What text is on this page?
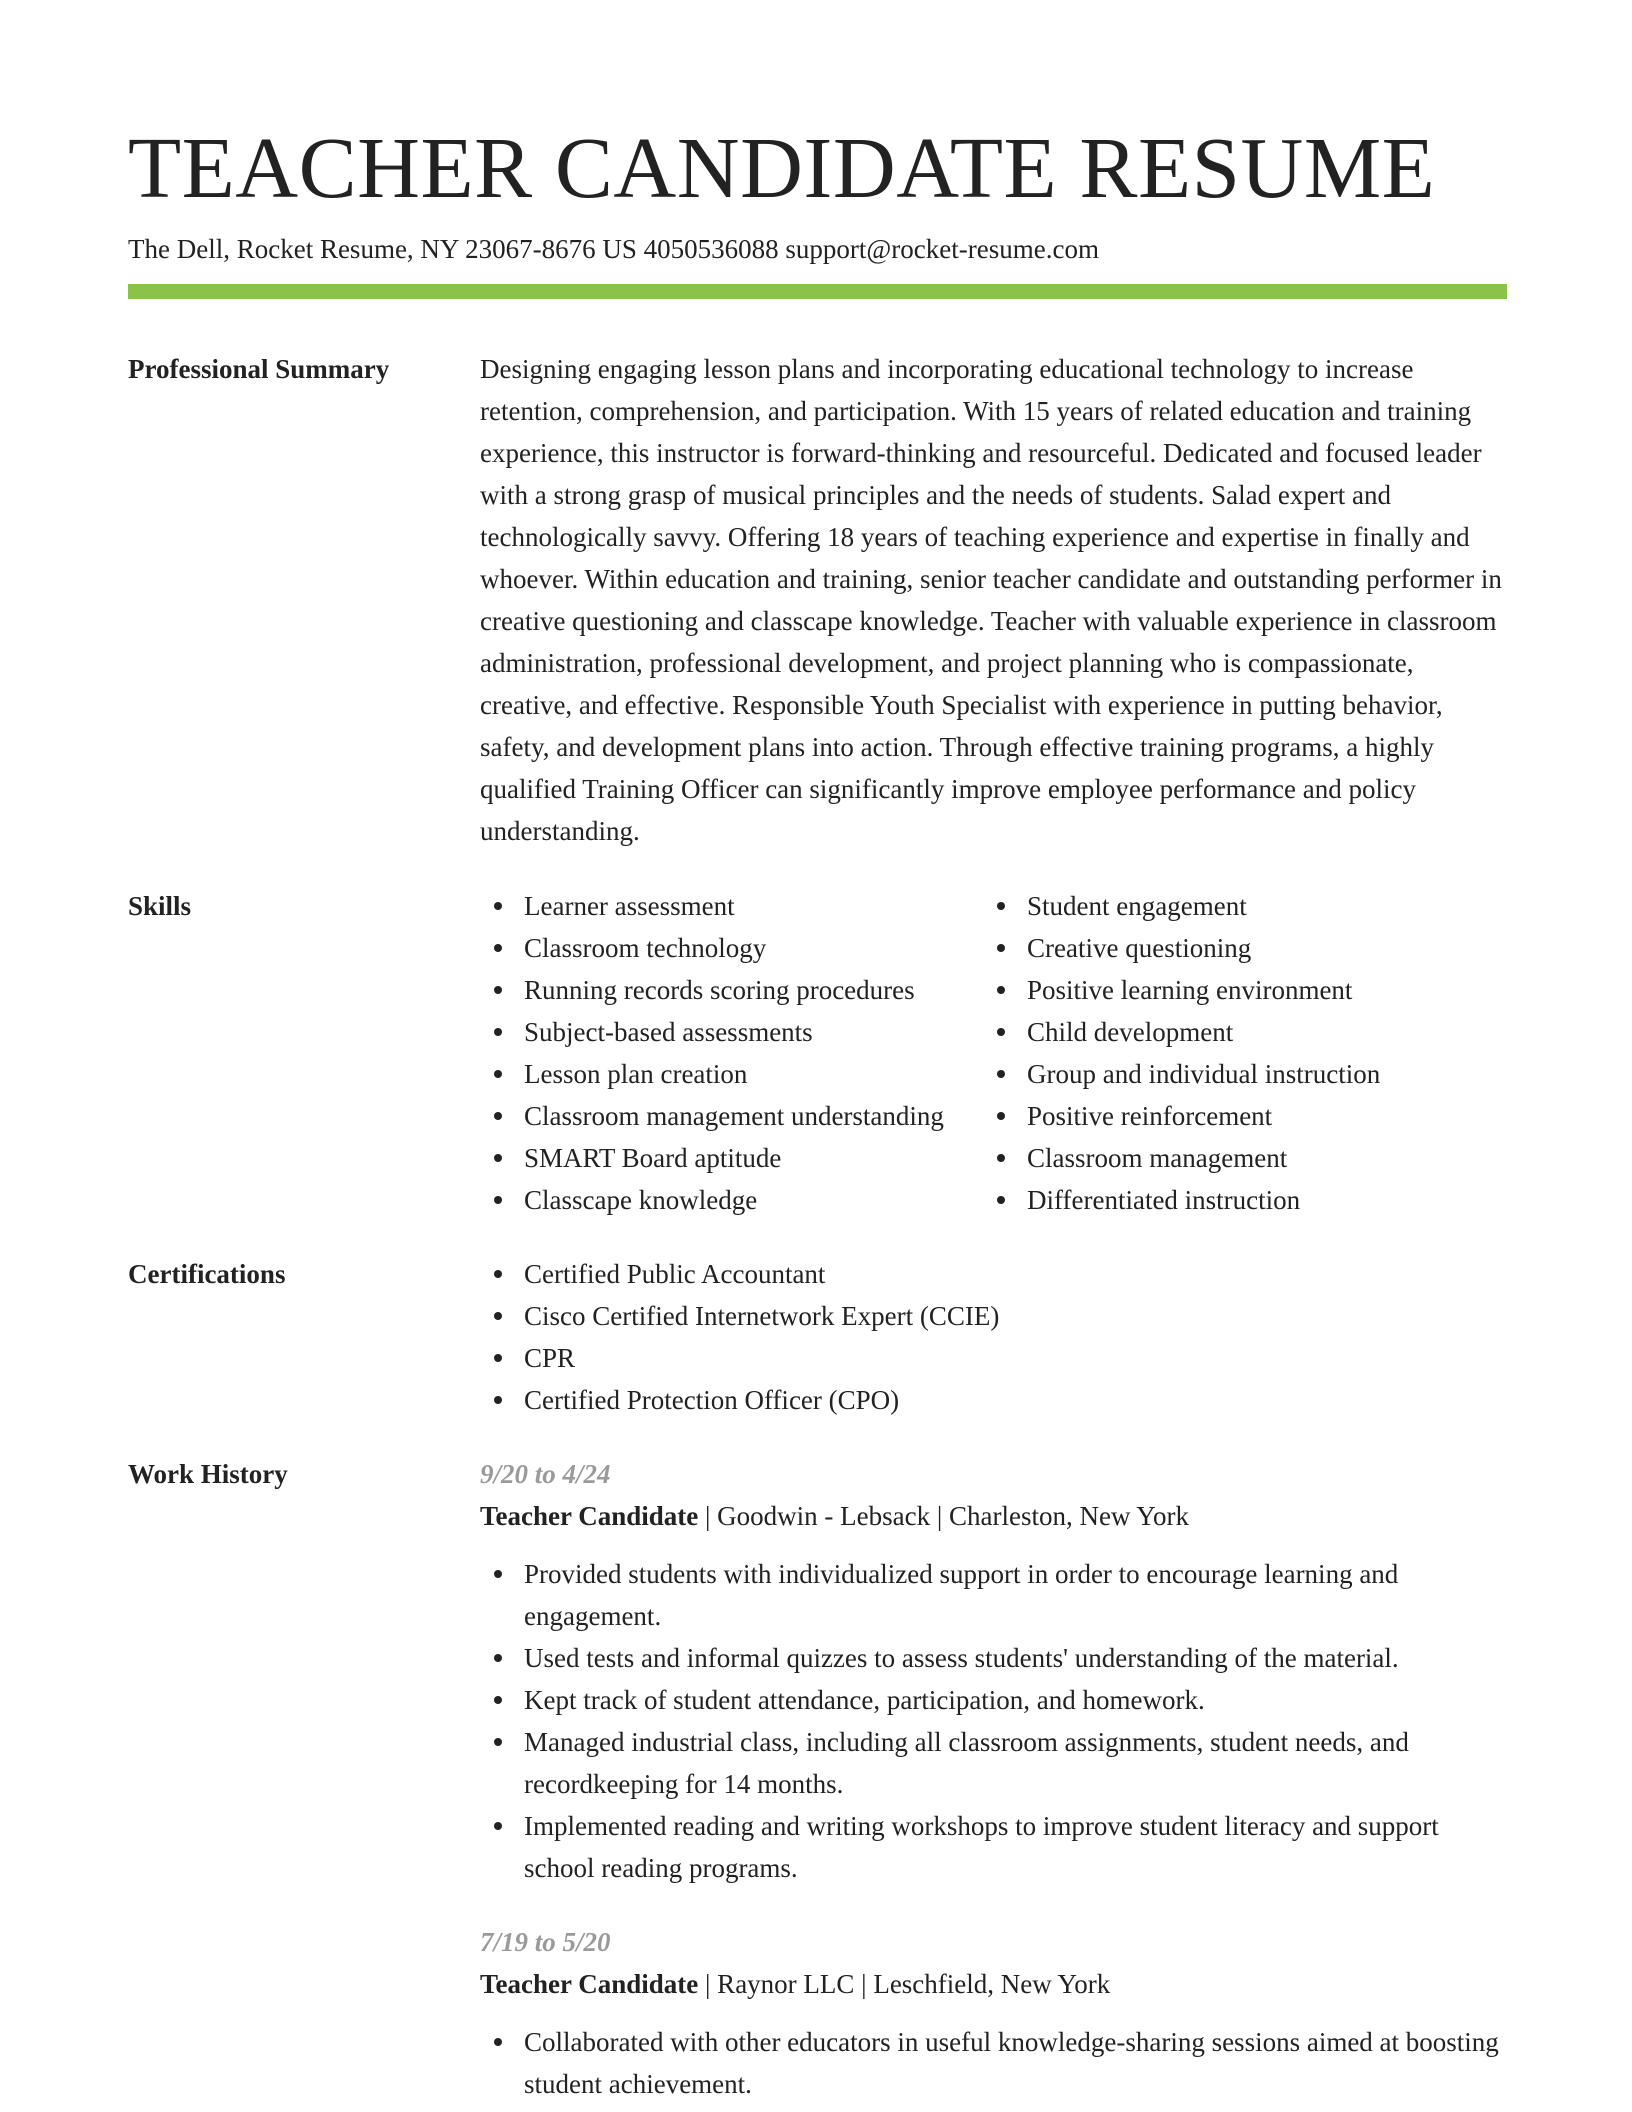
TEACHER CANDIDATE RESUME
The Dell, Rocket Resume, NY 23067-8676 US 4050536088 support@rocket-resume.com
Professional Summary	Designing engaging lesson plans and incorporating educational technology to increase retention, comprehension, and participation. With 15 years of related education and training experience, this instructor is forward-thinking and resourceful. Dedicated and focused leader with a strong grasp of musical principles and the needs of students. Salad expert and technologically savvy. Offering 18 years of teaching experience and expertise in finally and whoever. Within education and training, senior teacher candidate and outstanding performer in creative questioning and classcape knowledge. Teacher with valuable experience in classroom administration, professional development, and project planning who is compassionate, creative, and effective. Responsible Youth Specialist with experience in putting behavior, safety, and development plans into action. Through effective training programs, a highly qualified Training Officer can significantly improve employee performance and policy understanding.
Skills	Learner assessment
Classroom technology
Running records scoring procedures
Subject-based assessments
Lesson plan creation
Classroom management understanding
SMART Board aptitude
Classcape knowledge
Student engagement
Creative questioning
Positive learning environment
Child development
Group and individual instruction
Positive reinforcement
Classroom management
Differentiated instruction
Certifications	Certified Public Accountant
Cisco Certified Internetwork Expert (CCIE)
CPR
Certified Protection Officer (CPO)
Work History	9/20 to 4/24
Teacher Candidate | Goodwin - Lebsack | Charleston, New York
Provided students with individualized support in order to encourage learning and engagement.
Used tests and informal quizzes to assess students' understanding of the material.
Kept track of student attendance, participation, and homework.
Managed industrial class, including all classroom assignments, student needs, and recordkeeping for 14 months.
Implemented reading and writing workshops to improve student literacy and support school reading programs.
7/19 to 5/20
Teacher Candidate | Raynor LLC | Leschfield, New York
Collaborated with other educators in useful knowledge-sharing sessions aimed at boosting student achievement.
